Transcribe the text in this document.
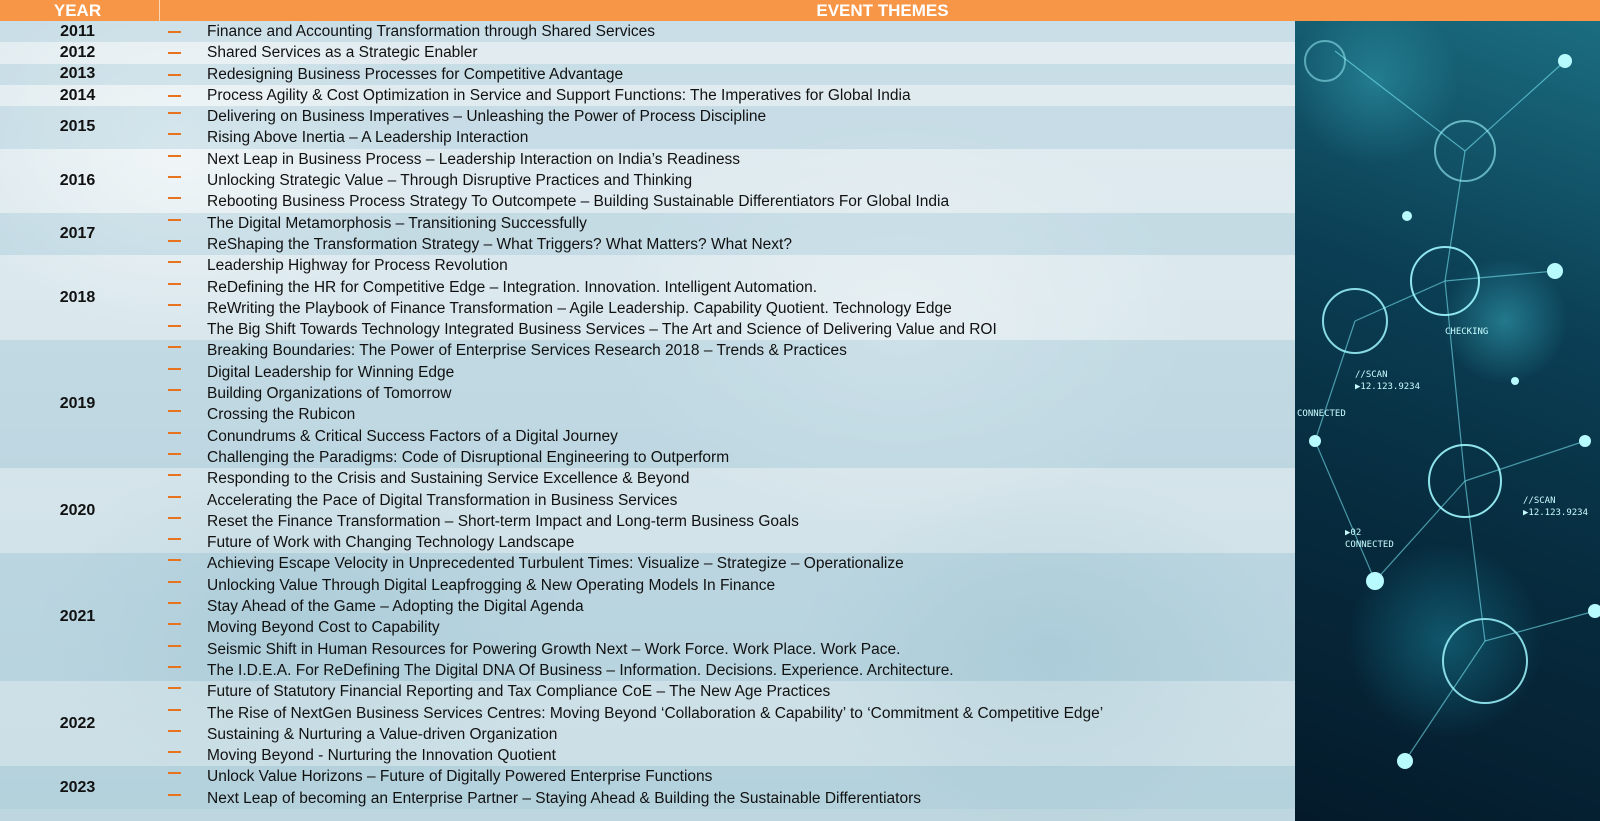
YEAR	EVENT THEMES
2011	Finance and Accounting Transformation through Shared Services
2012	Shared Services as a Strategic Enabler
2013	Redesigning Business Processes for Competitive Advantage
2014	Process Agility & Cost Optimization in Service and Support Functions: The Imperatives for Global India
2015
Delivering on Business Imperatives – Unleashing the Power of Process Discipline
Rising Above Inertia – A Leadership Interaction
2016
Next Leap in Business Process – Leadership Interaction on India’s Readiness
Unlocking Strategic Value – Through Disruptive Practices and Thinking
Rebooting Business Process Strategy To Outcompete – Building Sustainable Differentiators For Global India
2017
The Digital Metamorphosis – Transitioning Successfully
ReShaping the Transformation Strategy – What Triggers? What Matters? What Next?
2018
Leadership Highway for Process Revolution
ReDefining the HR for Competitive Edge – Integration. Innovation. Intelligent Automation.
ReWriting the Playbook of Finance Transformation – Agile Leadership. Capability Quotient. Technology Edge
The Big Shift Towards Technology Integrated Business Services – The Art and Science of Delivering Value and ROI
2019
Breaking Boundaries: The Power of Enterprise Services Research 2018 – Trends & Practices
Digital Leadership for Winning Edge
Building Organizations of Tomorrow
Crossing the Rubicon
Conundrums & Critical Success Factors of a Digital Journey
Challenging the Paradigms: Code of Disruptional Engineering to Outperform
2020
Responding to the Crisis and Sustaining Service Excellence & Beyond
Accelerating the Pace of Digital Transformation in Business Services
Reset the Finance Transformation – Short-term Impact and Long-term Business Goals
Future of Work with Changing Technology Landscape
2021
Achieving Escape Velocity in Unprecedented Turbulent Times: Visualize – Strategize – Operationalize
Unlocking Value Through Digital Leapfrogging & New Operating Models In Finance
Stay Ahead of the Game – Adopting the Digital Agenda
Moving Beyond Cost to Capability
Seismic Shift in Human Resources for Powering Growth Next – Work Force. Work Place. Work Pace.
The I.D.E.A. For ReDefining The Digital DNA Of Business – Information. Decisions. Experience. Architecture.
2022
Future of Statutory Financial Reporting and Tax Compliance CoE – The New Age Practices
The Rise of NextGen Business Services Centres: Moving Beyond ‘Collaboration & Capability’ to ‘Commitment & Competitive Edge’
Sustaining & Nurturing a Value-driven Organization
Moving Beyond - Nurturing the Innovation Quotient
2023
Unlock Value Horizons – Future of Digitally Powered Enterprise Functions
Next Leap of becoming an Enterprise Partner – Staying Ahead & Building the Sustainable Differentiators
CHECKING
//SCAN
▶12.123.9234
//SCAN
▶12.123.9234
▶02
CONNECTED
CONNECTED
